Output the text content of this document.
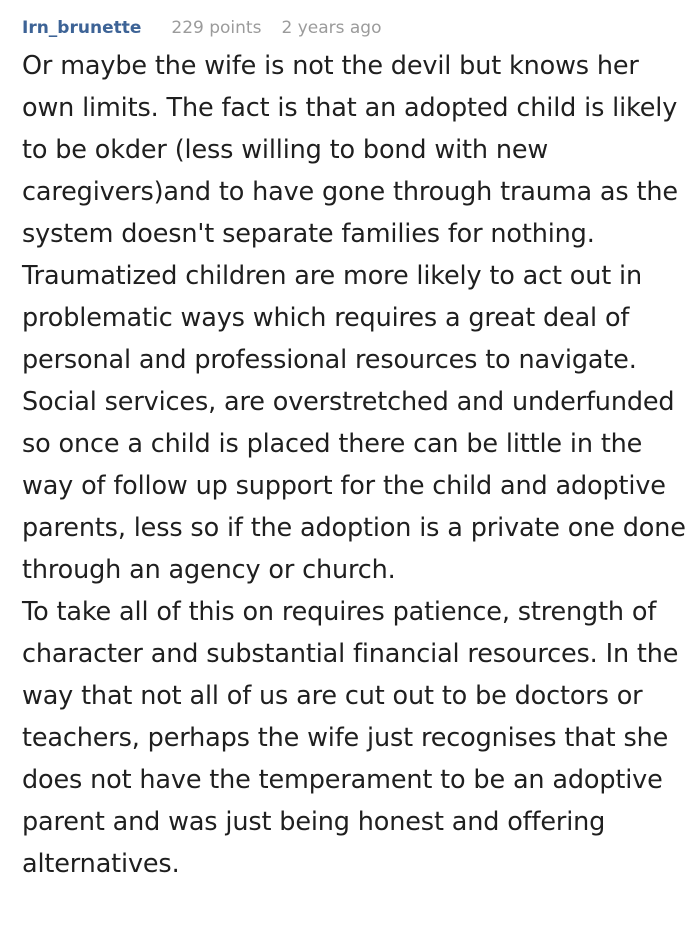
Irn_brunette 229 points 2 years ago

Or maybe the wife is not the devil but knows her own limits. The fact is that an adopted child is likely to be okder (less willing to bond with new caregivers)and to have gone through trauma as the system doesn't separate families for nothing. Traumatized children are more likely to act out in problematic ways which requires a great deal of personal and professional resources to navigate. Social services, are overstretched and underfunded so once a child is placed there can be little in the way of follow up support for the child and adoptive parents, less so if the adoption is a private one done through an agency or church.

To take all of this on requires patience, strength of character and substantial financial resources. In the way that not all of us are cut out to be doctors or teachers, perhaps the wife just recognises that she does not have the temperament to be an adoptive parent and was just being honest and offering alternatives.
